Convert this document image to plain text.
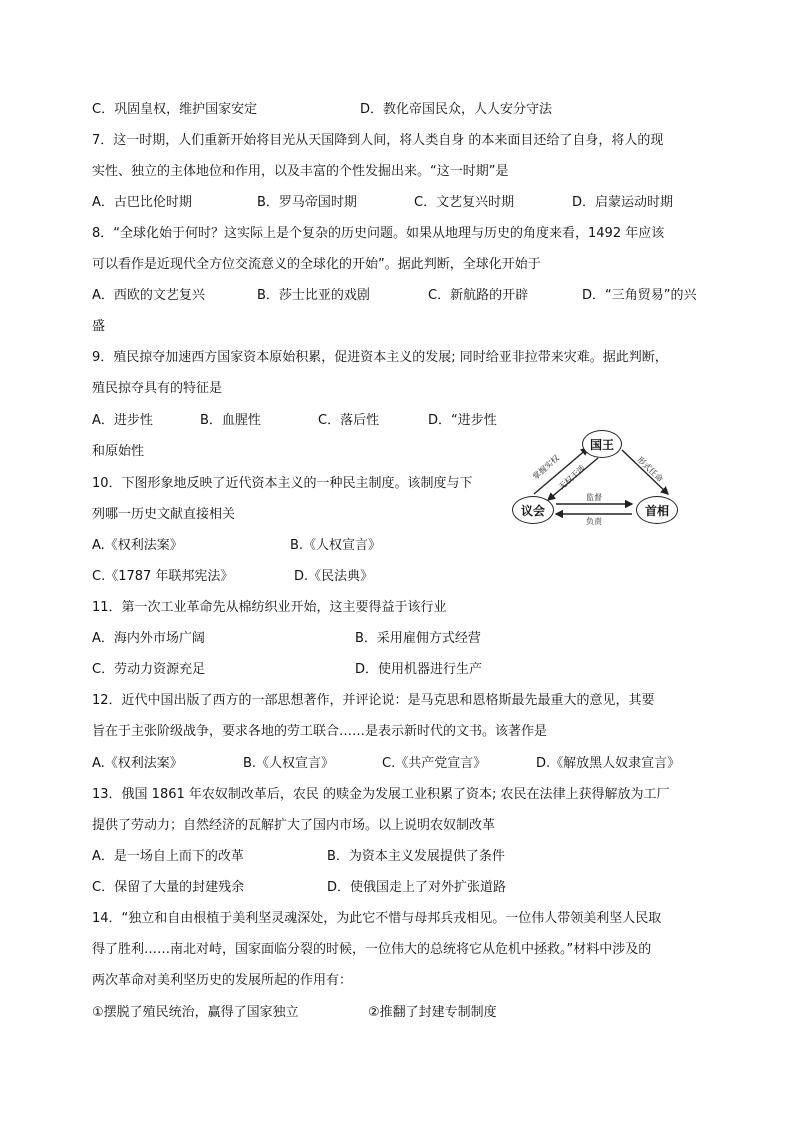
C．巩固皇权，维护国家安定	D．教化帝国民众，人人安分守法
7．这一时期，人们重新开始将目光从天国降到人间，将人类自身 的本来面目还给了自身，将人的现
实性、独立的主体地位和作用，以及丰富的个性发掘出来。“这一时期”是
A．古巴比伦时期	B．罗马帝国时期	C．文艺复兴时期	D．启蒙运动时期
8．“全球化始于何时？这实际上是个复杂的历史问题。如果从地理与历史的角度来看，1492 年应该
可以看作是近现代全方位交流意义的全球化的开始”。据此判断，全球化开始于
A．西欧的文艺复兴	B．莎士比亚的戏剧	C．新航路的开辟	D．“三角贸易”的兴
盛
9．殖民掠夺加速西方国家资本原始积累，促进资本主义的发展; 同时给亚非拉带来灾难。据此判断，
殖民掠夺具有的特征是
A．进步性	B．血腥性	C．落后性	D．“进步性
和原始性
10．下图形象地反映了近代资本主义的一种民主制度。该制度与下
列哪一历史文献直接相关
国王
议会	首相
掌握实权
无权干涉	形式任命
监督
负责
A.《权利法案》	B.《人权宣言》
C.《1787 年联邦宪法》	D.《民法典》
11．第一次工业革命先从棉纺织业开始，这主要得益于该行业
A．海内外市场广阔	B．采用雇佣方式经营
C．劳动力资源充足	D．使用机器进行生产
12．近代中国出版了西方的一部思想著作，并评论说：是马克思和恩格斯最先最重大的意见，其要
旨在于主张阶级战争，要求各地的劳工联合……是表示新时代的文书。该著作是
A.《权利法案》	B.《人权宣言》	C.《共产党宣言》	D.《解放黑人奴隶宣言》
13．俄国 1861 年农奴制改革后，农民 的赎金为发展工业积累了资本; 农民在法律上获得解放为工厂
提供了劳动力；自然经济的瓦解扩大了国内市场。以上说明农奴制改革
A．是一场自上而下的改革	B．为资本主义发展提供了条件
C．保留了大量的封建残余	D．使俄国走上了对外扩张道路
14．“独立和自由根植于美利坚灵魂深处，为此它不惜与母邦兵戎相见。一位伟人带领美利坚人民取
得了胜利……南北对峙，国家面临分裂的时候，一位伟大的总统将它从危机中拯救。”材料中涉及的
两次革命对美利坚历史的发展所起的作用有：
①摆脱了殖民统治，赢得了国家独立	②推翻了封建专制制度
